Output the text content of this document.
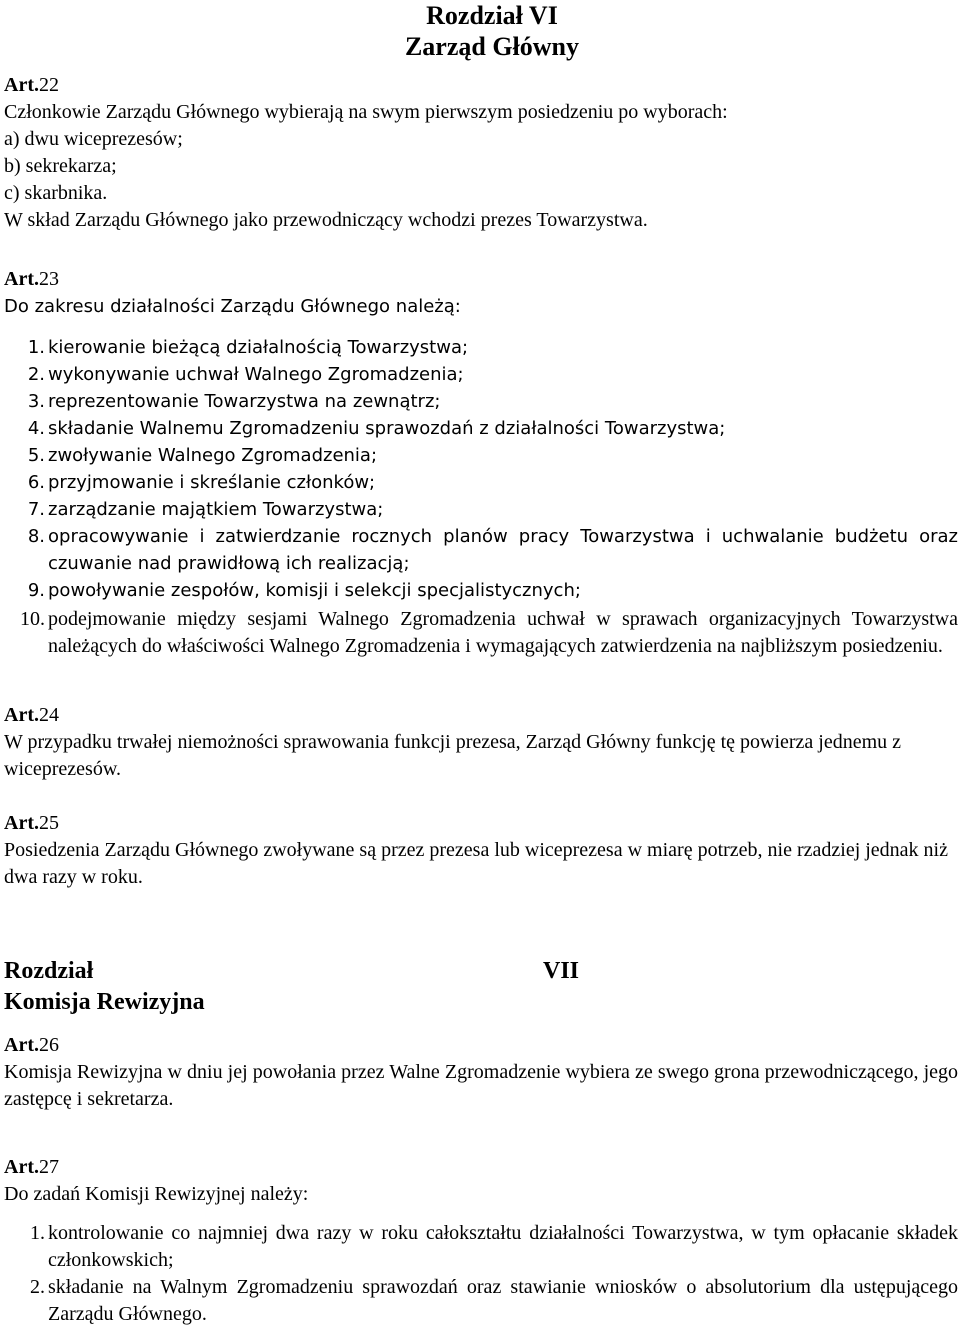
Rozdział VI
Zarząd Główny
Art.22

Członkowie Zarządu Głównego wybierają na swym pierwszym posiedzeniu po wyborach:

a) dwu wiceprezesów;

b) sekrekarza;

c) skarbnika.

W skład Zarządu Głównego jako przewodniczący wchodzi prezes Towarzystwa.

Art.23

Do zakresu działalności Zarządu Głównego należą:

1. kierowanie bieżącą działalnością Towarzystwa;
2. wykonywanie uchwał Walnego Zgromadzenia;
3. reprezentowanie Towarzystwa na zewnątrz;
4. składanie Walnemu Zgromadzeniu sprawozdań z działalności Towarzystwa;
5. zwoływanie Walnego Zgromadzenia;
6. przyjmowanie i skreślanie członków;
7. zarządzanie majątkiem Towarzystwa;
8. opracowywanie i zatwierdzanie rocznych planów pracy Towarzystwa i uchwalanie budżetu oraz czuwanie nad prawidłową ich realizacją;
9. powoływanie zespołów, komisji i selekcji specjalistycznych;
10. podejmowanie między sesjami Walnego Zgromadzenia uchwał w sprawach organizacyjnych Towarzystwa należących do właściwości Walnego Zgromadzenia i wymagających zatwierdzenia na najbliższym posiedzeniu.
Art.24

W przypadku trwałej niemożności sprawowania funkcji prezesa, Zarząd Główny funkcję tę powierza jednemu z wiceprezesów.

Art.25

Posiedzenia Zarządu Głównego zwoływane są przez prezesa lub wiceprezesa w miarę potrzeb, nie rzadziej jednak niż dwa razy w roku.

Rozdział	VII
Komisja Rewizyjna
Art.26

Komisja Rewizyjna w dniu jej powołania przez Walne Zgromadzenie wybiera ze swego grona przewodniczącego, jego zastępcę i sekretarza.

Art.27

Do zadań Komisji Rewizyjnej należy:

1. kontrolowanie co najmniej dwa razy w roku całokształtu działalności Towarzystwa, w tym opłacanie składek członkowskich;
2. składanie na Walnym Zgromadzeniu sprawozdań oraz stawianie wniosków o absolutorium dla ustępującego Zarządu Głównego.
